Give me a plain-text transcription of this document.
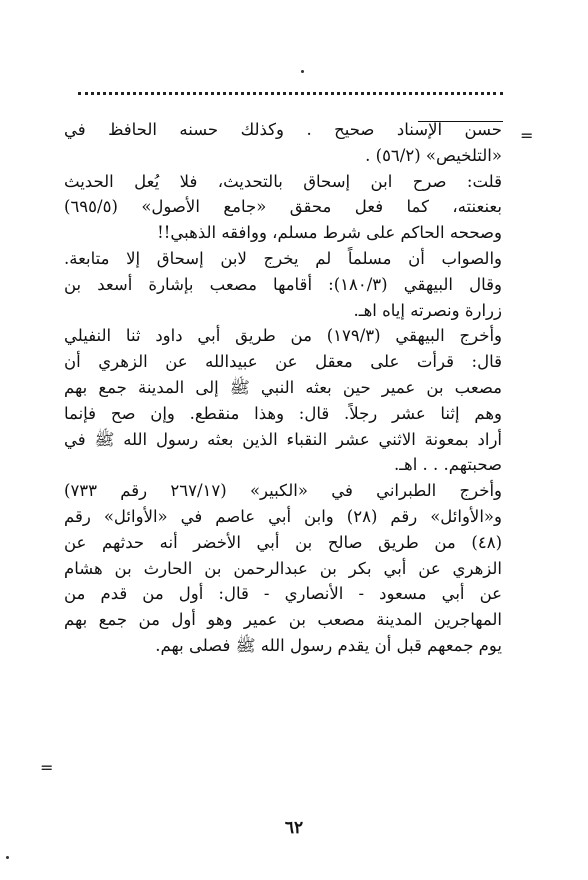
=
=
حسن الإسناد صحيح . وكذلك حسنه الحافظ في
«التلخيص» (٥٦/٢) .
قلت: صرح ابن إسحاق بالتحديث، فلا يُعل الحديث
بعنعنته، كما فعل محقق «جامع الأصول» (٦٩٥/٥)
وصححه الحاكم على شرط مسلم، ووافقه الذهبي!!
والصواب أن مسلماً لم يخرج لابن إسحاق إلا متابعة.
وقال البيهقي (١٨٠/٣): أقامها مصعب بإشارة أسعد بن
زرارة ونصرته إياه اهـ.
وأخرج البيهقي (١٧٩/٣) من طريق أبي داود ثنا النفيلي
قال: قرأت على معقل عن عبيدالله عن الزهري أن
مصعب بن عمير حين بعثه النبي ﷺ إلى المدينة جمع بهم
وهم إثنا عشر رجلاً. قال: وهذا منقطع. وإن صح فإنما
أراد بمعونة الاثني عشر النقباء الذين بعثه رسول الله ﷺ في
صحبتهم. . . اهـ.
وأخرج الطبراني في «الكبير» (٢٦٧/١٧ رقم ٧٣٣)
و«الأوائل» رقم (٢٨) وابن أبي عاصم في «الأوائل» رقم
(٤٨) من طريق صالح بن أبي الأخضر أنه حدثهم عن
الزهري عن أبي بكر بن عبدالرحمن بن الحارث بن هشام
عن أبي مسعود - الأنصاري - قال: أول من قدم من
المهاجرين المدينة مصعب بن عمير وهو أول من جمع بهم
يوم جمعهم قبل أن يقدم رسول الله ﷺ فصلى بهم.
٦٢
